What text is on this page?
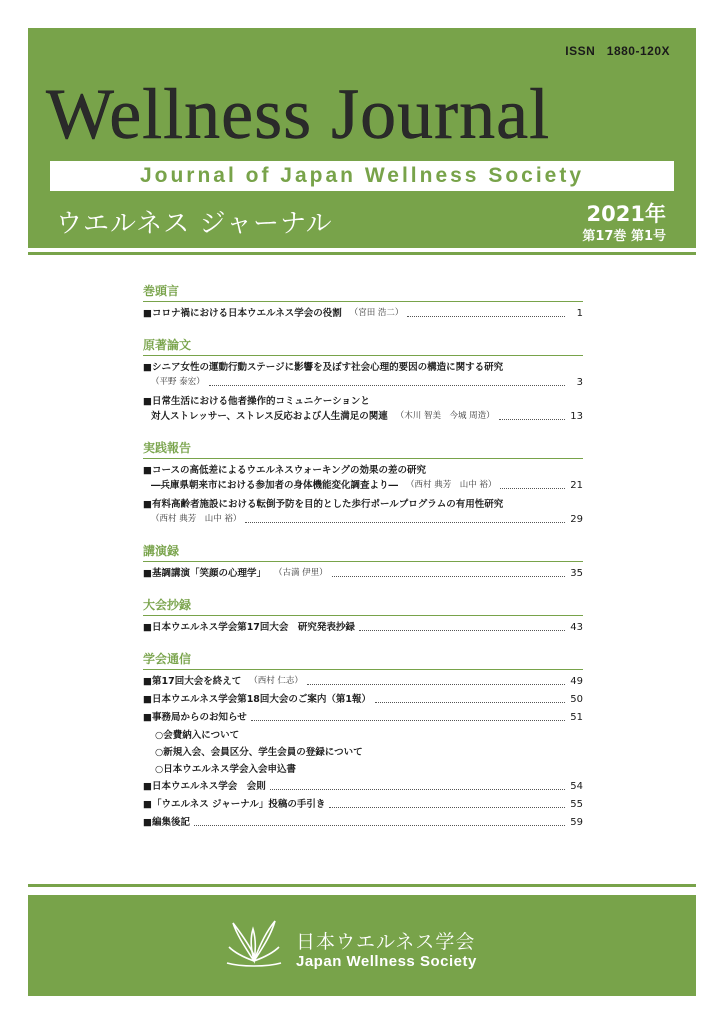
ISSN   1880-120X
Wellness Journal
Journal of Japan Wellness Society
ウエルネス ジャーナル	2021年
第17巻 第1号
巻頭言
■コロナ禍における日本ウエルネス学会の役割 （宮田 浩二）	1
原著論文
■シニア女性の運動行動ステージに影響を及ぼす社会心理的要因の構造に関する研究
（平野 泰宏）	3
■日常生活における他者操作的コミュニケーションと
対人ストレッサー、ストレス反応および人生満足の関連 （木川 智美　今城 周造）	13
実践報告
■コースの高低差によるウエルネスウォーキングの効果の差の研究
―兵庫県朝来市における参加者の身体機能変化調査より― （西村 典芳　山中 裕）	21
■有料高齢者施設における転倒予防を目的とした歩行ポールプログラムの有用性研究
（西村 典芳　山中 裕）	29
講演録
■基調講演「笑顔の心理学」 （古満 伊里）	35
大会抄録
■日本ウエルネス学会第17回大会　研究発表抄録	43
学会通信
■第17回大会を終えて （西村 仁志）	49
■日本ウエルネス学会第18回大会のご案内（第1報）	50
■事務局からのお知らせ	51
○会費納入について
○新規入会、会員区分、学生会員の登録について
○日本ウエルネス学会入会申込書
■日本ウエルネス学会　会則	54
■「ウエルネス ジャーナル」投稿の手引き	55
■編集後記	59
日本ウエルネス学会
Japan Wellness Society
